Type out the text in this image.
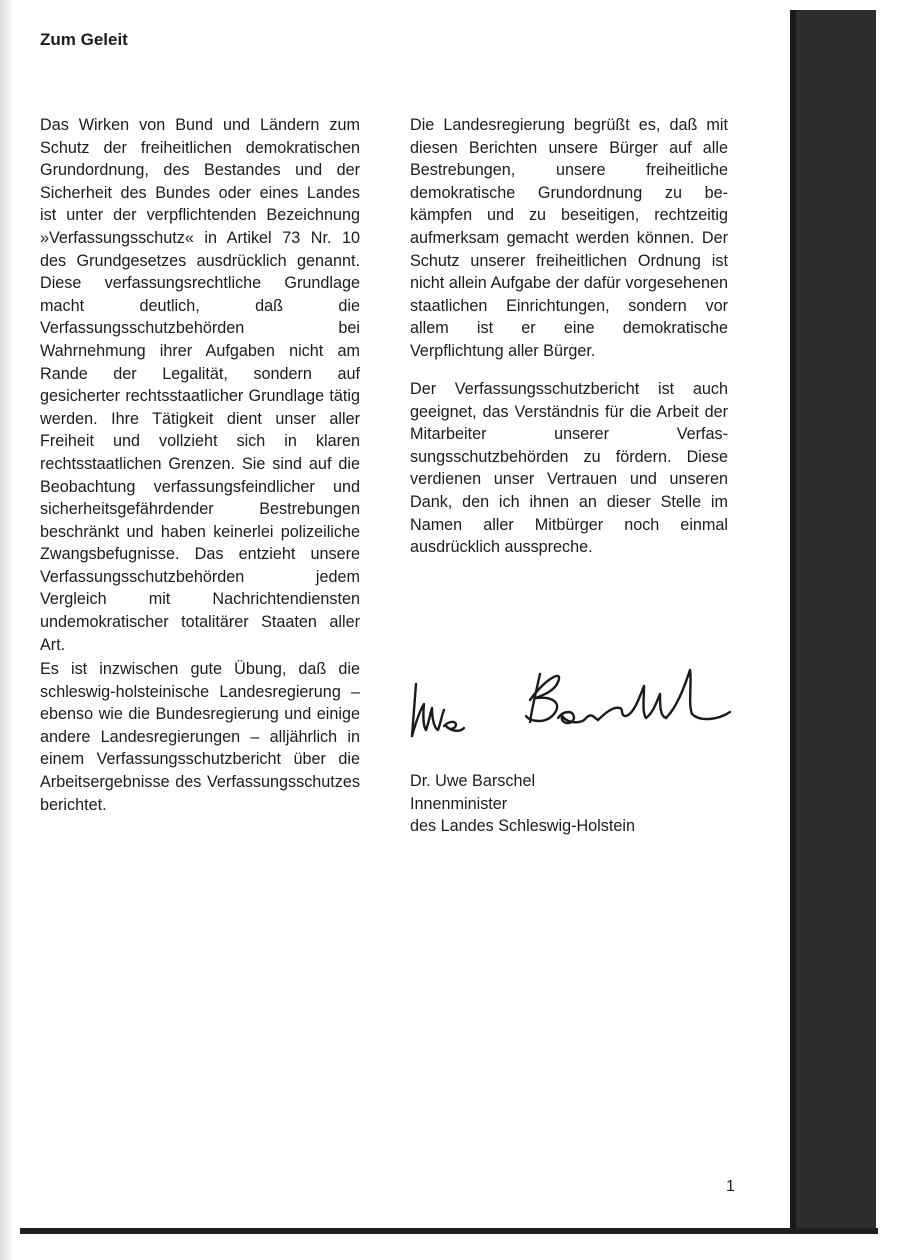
Zum Geleit

Das Wirken von Bund und Ländern zum Schutz der freiheitlichen demokratischen Grundordnung, des Bestandes und der Sicherheit des Bundes oder eines Landes ist unter der verpflichtenden Bezeichnung »Verfassungsschutz« in Artikel 73 Nr. 10 des Grundgesetzes ausdrücklich genannt. Diese verfassungsrechtliche Grundlage macht deutlich, daß die Verfassungsschutzbehörden bei Wahrnehmung ihrer Aufgaben nicht am Rande der Legalität, sondern auf gesicherter rechtsstaatlicher Grundlage tätig werden. Ihre Tätigkeit dient unser aller Freiheit und vollzieht sich in klaren rechtsstaatlichen Grenzen. Sie sind auf die Beobachtung verfassungsfeindlicher und sicherheitsgefährdender Bestrebungen beschränkt und haben keinerlei polizeiliche Zwangsbefugnisse. Das entzieht unsere Verfassungsschutzbehörden jedem Vergleich mit Nachrichtendiensten undemokratischer totalitärer Staaten aller Art.

Es ist inzwischen gute Übung, daß die schleswig-holsteinische Landesregierung – ebenso wie die Bundesregierung und einige andere Landesregierungen – alljährlich in einem Verfassungsschutzbericht über die Arbeitsergebnisse des Verfassungsschutzes berichtet.

Die Landesregierung begrüßt es, daß mit diesen Berichten unsere Bürger auf alle Bestrebungen, unsere freiheitliche demokratische Grundordnung zu bekämpfen und zu beseitigen, rechtzeitig aufmerksam gemacht werden können. Der Schutz unserer freiheitlichen Ordnung ist nicht allein Aufgabe der dafür vorgesehenen staatlichen Einrichtungen, sondern vor allem ist er eine demokratische Verpflichtung aller Bürger.

Der Verfassungsschutzbericht ist auch geeignet, das Verständnis für die Arbeit der Mitarbeiter unserer Verfassungsschutzbehörden zu fördern. Diese verdienen unser Vertrauen und unseren Dank, den ich ihnen an dieser Stelle im Namen aller Mitbürger noch einmal ausdrücklich ausspreche.

Dr. Uwe Barschel
Innenminister
des Landes Schleswig-Holstein
1
